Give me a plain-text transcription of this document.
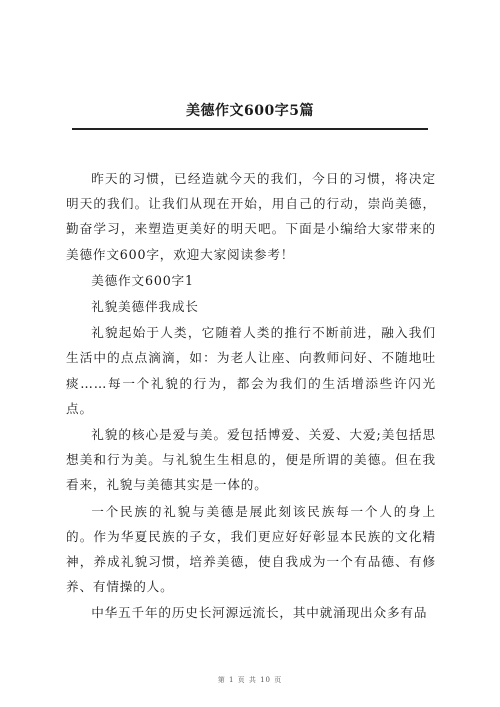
美德作文600字5篇

昨天的习惯，已经造就今天的我们，今日的习惯，将决定明天的我们。让我们从现在开始，用自己的行动，崇尚美德，勤奋学习，来塑造更美好的明天吧。下面是小编给大家带来的美德作文600字，欢迎大家阅读参考！

美德作文600字1

礼貌美德伴我成长

礼貌起始于人类，它随着人类的推行不断前进，融入我们生活中的点点滴滴，如：为老人让座、向教师问好、不随地吐痰……每一个礼貌的行为，都会为我们的生活增添些许闪光点。

礼貌的核心是爱与美。爱包括博爱、关爱、大爱;美包括思想美和行为美。与礼貌生生相息的，便是所谓的美德。但在我看来，礼貌与美德其实是一体的。

一个民族的礼貌与美德是展此刻该民族每一个人的身上的。作为华夏民族的子女，我们更应好好彰显本民族的文化精神，养成礼貌习惯，培养美德，使自我成为一个有品德、有修养、有情操的人。

中华五千年的历史长河源远流长，其中就涌现出众多有品

第 1 页 共 10 页
